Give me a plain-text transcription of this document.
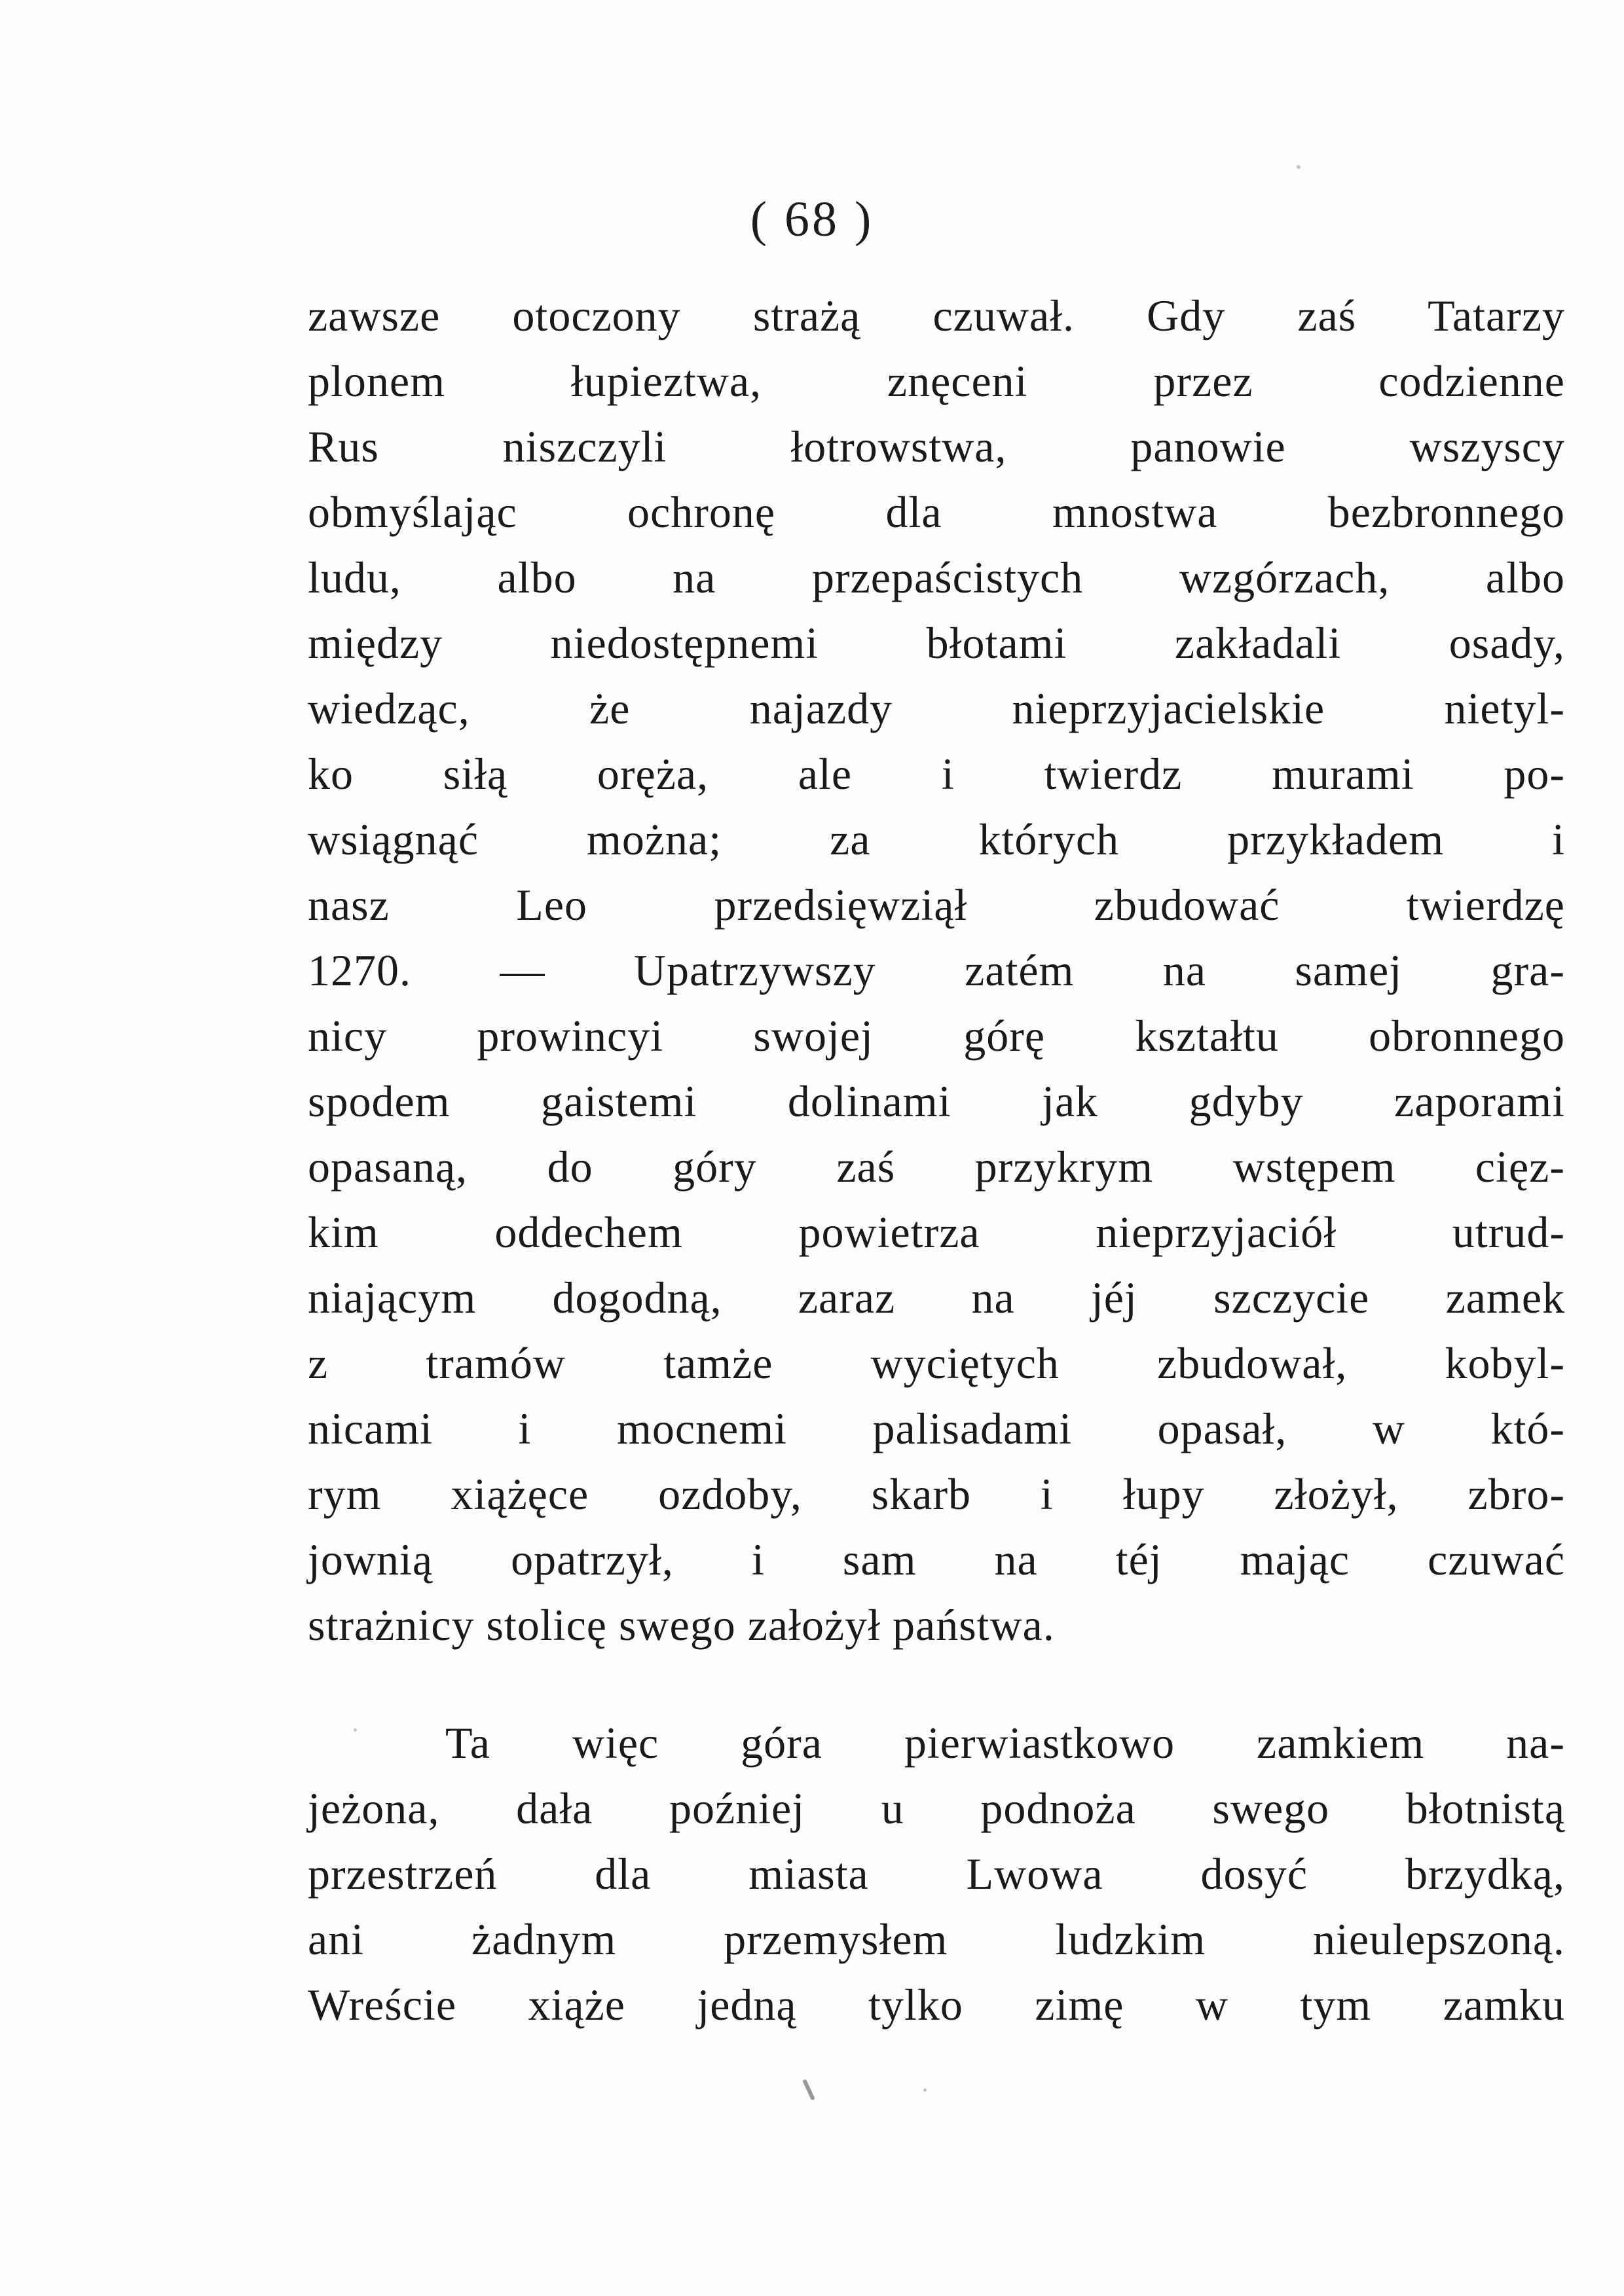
( 68 )
zawsze otoczony strażą czuwał. Gdy zaś Tatarzy
plonem łupieztwa, znęceni przez codzienne
Rus niszczyli łotrowstwa, panowie wszyscy
obmyślając ochronę dla mnostwa bezbronnego
ludu, albo na przepaścistych wzgórzach, albo
między niedostępnemi błotami zakładali osady,
wiedząc, że najazdy nieprzyjacielskie nietyl-
ko siłą oręża, ale i twierdz murami po-
wsiągnąć można; za których przykładem i
nasz Leo przedsięwziął zbudować twierdzę
1270. — Upatrzywszy zatém na samej gra-
nicy prowincyi swojej górę kształtu obronnego
spodem gaistemi dolinami jak gdyby zaporami
opasaną, do góry zaś przykrym wstępem cięz-
kim oddechem powietrza nieprzyjaciół utrud-
niającym dogodną, zaraz na jéj szczycie zamek
z tramów tamże wyciętych zbudował, kobyl-
nicami i mocnemi palisadami opasał, w któ-
rym xiążęce ozdoby, skarb i łupy złożył, zbro-
jownią opatrzył, i sam na téj mając czuwać
strażnicy stolicę swego założył państwa.
Ta więc góra pierwiastkowo zamkiem na-
jeżona, dała poźniej u podnoża swego błotnistą
przestrzeń dla miasta Lwowa dosyć brzydką,
ani żadnym przemysłem ludzkim nieulepszoną.
Wreście xiąże jedną tylko zimę w tym zamku
